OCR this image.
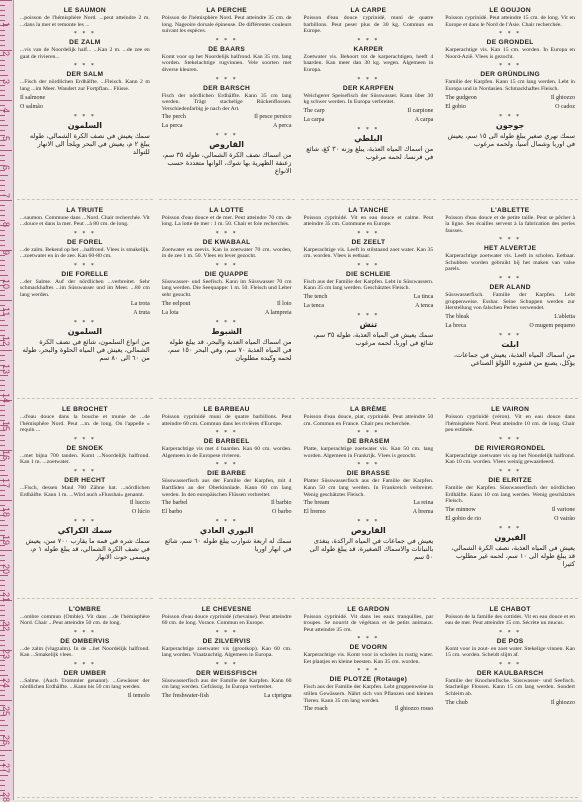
1
2
3
4
5
6
7
8
9
10
11
12
13
14
15
16
17
18
19
20
21
22
23
24
25
26
27
28
LE SAUMON
...poisson de l'hémisphère Nord. ...peut atteindre 2 m. ...dans la mer et remonte les ...
* * *
DE ZALM
...vis van de Noordelijk half... ...Kan 2 m. ...de zee en gaat de rivieren...
* * *
DER SALM
...Fisch der nördlichen Erdhälfte. ...Fleisch. Kann 2 m lang ...im Meer. Wandert zur Fortpflan... Flüsse.
Il salmone
O salmão
* * *
السلمون
سمك يعيش في نصف الكرة الشمالي، طوله يبلغ ٢ م، يعيش في البحر ويلجأ الى الانهار للتوالد
LA PERCHE
Poisson de l'hémisphère Nord. Peut atteindre 35 cm. de long. Nageoire dorsale épineuse. De différentes couleurs suivant les espèces.
* * *
DE BAARS
Komt voor op het Noordelijk halfrond. Kan 35 cm. lang worden. Stekelachtige rugvinnen. Vele soorten met diverse kleuren.
* * *
DER BARSCH
Fisch der nördlichen Erdhälfte. Kann 35 cm lang werden. Trägt stachelige Rückenflossen. Verschiedenfarbig je nach der Art.
The perch	Il pesce persico
La perca	A perca
* * *
القاروص
من اسماك نصف الكرة الشمالي، طوله ٣٥ سم، زعنفة الظهرية بها شوك، الوانها متعددة حسب الانواع
LA CARPE
Poisson d'eau douce cyprinidé, muni de quatre barbillons. Peut peser plus de 30 kg. Commun en Europe.
* * *
KARPER
Zoetwater vis. Behoort tot de karperachtigen, heeft 4 baarden. Kan meer dan 30 kg. wegen. Algemeen in Europa.
* * *
DER KARPFEN
Weichgerer Speisefisch der Süsswasser. Kann über 30 kg schwer werden. In Europa verbreitet.
The carp	Il carpione
La carpa	A carpa
* * *
البلطي
من اسماك المياه العذبة، يبلغ وزنه ٣٠ كغ، شائع في فرنسا، لحمه مرغوب
LE GOUJON
Poisson cyprinidé. Peut atteindre 15 cm. de long. Vit en Europe et dans le Nord de l'Asie. Chair recherchée.
* * *
DE GRONDEL
Karperachtige vis. Kan 15 cm. worden. In Europa en Noord-Azië. Vlees is gezocht.
* * *
DER GRÜNDLING
Familie der Karpfen. Kann 15 cm lang werden. Lebt in Europa und in Nordasien. Schmackhaftes Fleisch.
The gudgeon	Il ghiozzo
El gobio	O cadoz
* * *
جوجون
سمك نهري صغير يبلغ طوله الى ١٥ سم، يعيش في اوربا وشمال آسيا، ولحمه مرغوب
LA TRUITE
...saumon. Commune dans ...Nord. Chair recherchée. Vit ...douce et dans la mer. Peut ...à 80 cm. de long.
* * *
DE FOREL
...de zalm. Bekend op het ...halfrond. Vlees is smakelijk. ...zoetwater en in de zee. Kan 60-80 cm.
* * *
DIE FORELLE
...der Salme. Auf der nördlichen ...verbreitet. Sehr schmackhaftes ...im Süsswasser und im Meer. ...80 cm lang werden.
La trota
A truta
* * *
السلمون
من انواع السلمون، شائع في نصف الكرة الشمالي، يعيش في المياه الحلوة والبحر، طوله من ٦٠ الى ٨٠ سم
LA LOTTE
Poisson d'eau douce et de mer. Peut atteindre 70 cm. de long. La lotte de mer : 1 m. 50. Chair et foie recherchés.
* * *
DE KWABAAL
Zoetwater en zeevis. Kan in zoetwater 70 cm. worden, in de zee 1 m. 50. Vlees en lever gezocht.
* * *
DIE QUAPPE
Süsswasser- und Seefisch. Kann im Süsswasser 70 cm lang werden. Die Seequappe: 1 m. 50. Fleisch und Leber sehr gesucht.
The eelpout	Il loto
La lota	A lampreia
* * *
الشبوط
من اسماك المياه العذبة والبحر، قد يبلغ طوله في المياه العذبة ٧٠ سم، وفي البحر ١٥٠ سم، لحمه وكبده مطلوبان
LA TANCHE
Poisson cyprinidé. Vit en eau douce et calme. Peut atteindre 35 cm. Commune en Europe.
* * *
DE ZEELT
Karperachtige vis. Leeft in stilstaand zoet water. Kan 35 cm. worden. Vlees is eetbaar.
* * *
DIE SCHLEIE
Fisch aus der Familie der Karpfen. Lebt in Süsswassern. Kann 35 cm lang werden. Geschätztes Fleisch.
The tench	La tinca
La tenca	A tenca
* * *
تنش
سمك يعيش في المياه العذبة، طوله ٣٥ سم، شائع في اوربا، لحمه مرغوب
L'ABLETTE
Poisson d'eau douce et de petite taille. Peut se pêcher à la ligne. Ses écailles servent à la fabrication des perles fausses.
* * *
HET ALVERTJE
Karperachtige zoetwater vis. Leeft in scholen. Eetbaar. Schubben worden gebruikt bij het maken van valse parels.
* * *
DER ALAND
Süsswasserfisch. Familie der Karpfen. Lebt gruppenweise. Essbar. Seine Schuppen werden zur Herstellung von falschen Perlen verwendet.
The bleak	L'abletta
La breca	O mugem pequeno
* * *
ابلت
من اسماك المياه العذبة، يعيش في جماعات، يؤكل، يصنع من قشوره اللؤلؤ الصناعي
LE BROCHET
...d'eau douce dans la bouche et munie de ...de l'hémisphère Nord. Peut ...m. de long. On l'appelle « requin ...
* * *
DE SNOEK
...met bijna 700 tanden. Komt ...Noordelijk halfrond. Kan 1 m. ...zoetwater.
* * *
DER HECHT
...Fisch, dessen Maul 700 Zähne hat. ...nördlichen Erdhälfte. Kann 1 m. ...Wird auch «Flusshai» genannt.
Il luccio
O lúcio
* * *
سمك الكراكي
سمك شره في فمه ما يقارب ٧٠٠ سن، يعيش في نصف الكرة الشمالي، قد يبلغ طوله ١ م، ويسمى حوت الانهار
LE BARBEAU
Poisson cyprinidé muni de quatre barbillons. Peut atteindre 60 cm. Commun dans les rivières d'Europe.
* * *
DE BARBEEL
Karperachtige vis met 4 baarden. Kan 60 cm. worden. Algemeen in de Europese rivieren.
* * *
DIE BARBE
Süsswasserfisch aus der Familie der Karpfen, mit 4 Bartfäden an der Oberkinnlade. Kann 60 cm lang werden. In den europäischen Flüssen verbreitet.
The barbel	Il barbio
El barbo	O barbo
* * *
البوري العادي
سمك له اربعة شوارب يبلغ طوله ٦٠ سم، شائع في انهار اوربا
LA BRÈME
Poisson d'eau douce, plat, cyprinidé. Peut atteindre 50 cm. Commun en France. Chair peu recherchée.
* * *
DE BRASEM
Platte, karperachtige zoetwater vis. Kan 50 cm. lang worden. Algemeen in Frankrijk. Vlees is gezocht.
* * *
DIE BRASSE
Platter Süsswasserfisch aus der Familie der Karpfen. Kann 50 cm lang werden. In Frankreich verbreitet. Wenig geschätztes Fleisch.
The bream	La reina
El bremo	A brema
* * *
القاروص
يعيش في جماعات في المياه الراكدة، يتغذى بالنباتات والاسماك الصغيرة، قد يبلغ طوله الى ٥٠ سم
LE VAIRON
Poisson cyprinidé (véron). Vit en eau douce dans l'hémisphère Nord. Peut atteindre 10 cm. de long. Chair peu estimée.
* * *
DE RIVIERGRONDEL
Karperachtige zoetwater vis op het Noordelijk halfrond. Kan 10 cm. worden. Vlees weinig gewaardeerd.
* * *
DIE ELRITZE
Familie der Karpfen. Süsswasserfisch der nördlichen Erdhälfte. Kann 10 cm lang werden. Wenig geschätztes Fleisch.
The minnow	Il varione
El gobio de rio	O vairão
* * *
الفيرون
يعيش في المياه العذبة، نصف الكرة الشمالي، قد يبلغ طوله الى ١٠ سم، لحمه غير مطلوب كثيرا
L'OMBRE
...ombre commun (Omble). Vit dans ...de l'hémisphère Nord. Chair ...Peut atteindre 50 cm. de long.
* * *
DE OMBERVIS
...de zalm (vlagzalm). In de ...het Noordelijk halfrond. Kan ...Smakelijk vlees.
* * *
DER UMBER
...Salme. (Auch Trommler genannt). ...Gewässer der nördlichen Erdhälfte. ...Kann bis 50 cm lang werden.
Il temolo
LE CHEVESNE
Poisson d'eau douce cyprinidé (chevaine). Peut atteindre 60 cm. de long. Vorace. Commun en Europe.
* * *
DE ZILVERVIS
Karperachtige zoetwater vis (grootkop). Kan 60 cm. lang worden. Vraatzuchtig. Algemeen in Europa.
* * *
DER WEISSFISCH
Süsswasserfisch aus der Familie der Karpfen. Kann 60 cm lang werden. Gefrässig. In Europa verbreitet.
The freshwater-fish	La ciprigna
LE GARDON
Poisson cyprinidé. Vit dans les eaux tranquilles, par troupes. Se nourrit de végétaux et de petits animaux. Peut atteindre 35 cm.
* * *
DE VOORN
Karperachtige vis. Komt voor in scholen in rustig water. Eet plantjes en kleine beesten. Kan 35 cm. worden.
* * *
DIE PLOTZE (Rotauge)
Fisch aus der Familie der Karpfen. Lebt gruppenweise in stillen Gewässern. Nährt sich von Pflanzen und kleinen Tieren. Kann 35 cm lang werden.
The roach	Il ghiozzo rosso
LE CHABOT
Poisson de la famille des cottidés. Vit en eau douce et en eau de mer. Peut atteindre 15 cm. Sécrète un mucus.
* * *
DE POS
Komt voor in zout- en zoet water. Stekelige vinnen. Kan 15 cm. worden. Scheidt slijm af.
* * *
DER KAULBARSCH
Familie der Knochenfische. Süsswasser- und Seefisch. Stachelige Flossen. Kann 15 cm lang werden. Sondert Schleim ab.
The chub	Il ghiozzo
